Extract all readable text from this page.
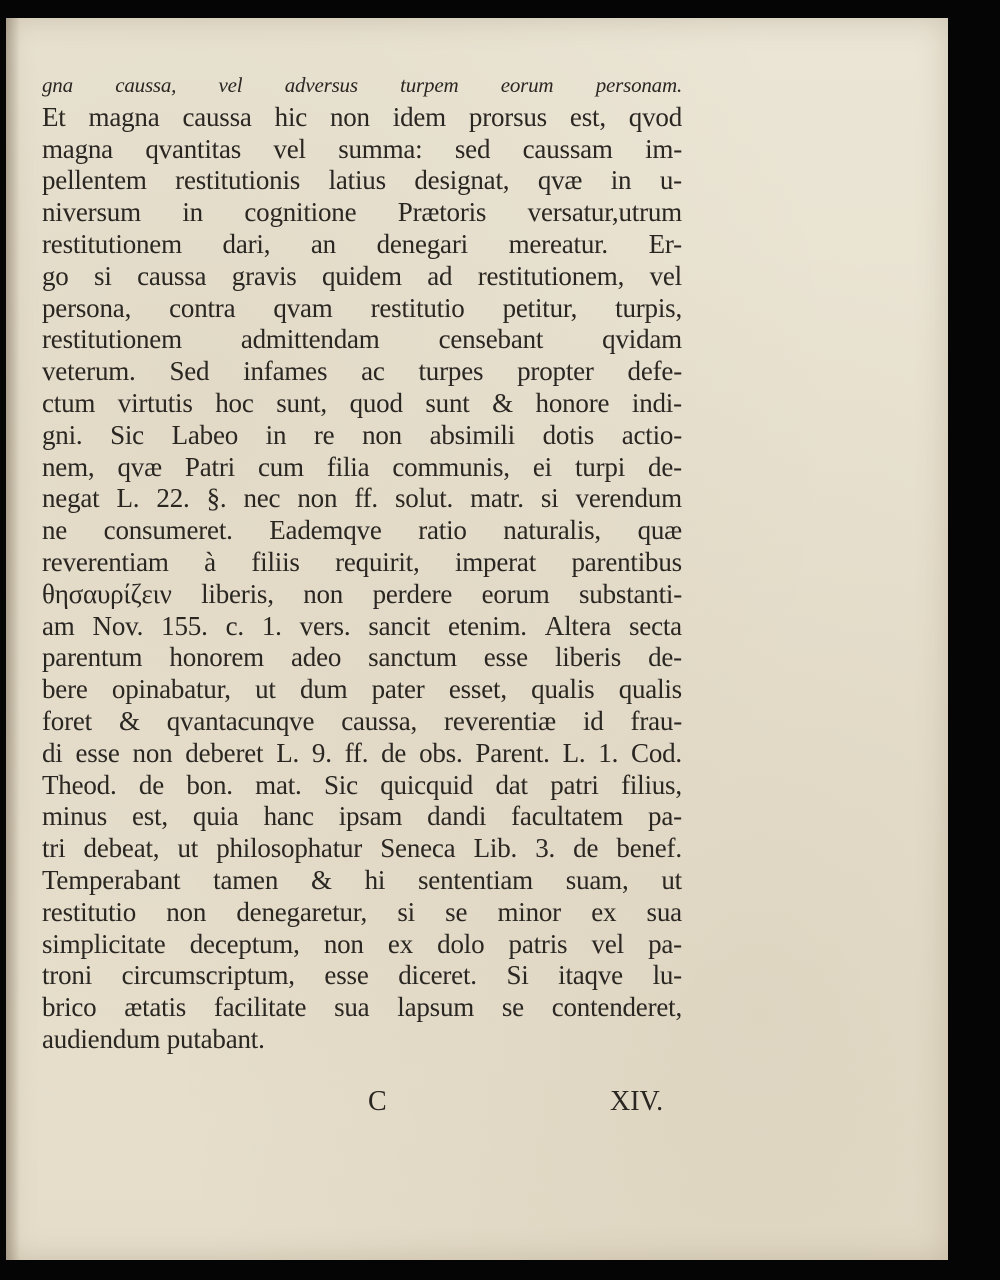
gna caussa, vel adversus turpem eorum personam.
Et magna caussa hic non idem prorsus est, qvod
magna qvantitas vel summa: sed caussam im-
pellentem restitutionis latius designat, qvæ in u-
niversum in cognitione Prætoris versatur,utrum
restitutionem dari, an denegari mereatur. Er-
go si caussa gravis quidem ad restitutionem, vel
persona, contra qvam restitutio petitur, turpis,
restitutionem admittendam censebant qvidam
veterum. Sed infames ac turpes propter defe-
ctum virtutis hoc sunt, quod sunt & honore indi-
gni. Sic Labeo in re non absimili dotis actio-
nem, qvæ Patri cum filia communis, ei turpi de-
negat L. 22. §. nec non ff. solut. matr. si verendum
ne consumeret. Eademqve ratio naturalis, quæ
reverentiam à filiis requirit, imperat parentibus
θησαυρίζειν liberis, non perdere eorum substanti-
am Nov. 155. c. 1. vers. sancit etenim. Altera secta
parentum honorem adeo sanctum esse liberis de-
bere opinabatur, ut dum pater esset, qualis qualis
foret & qvantacunqve caussa, reverentiæ id frau-
di esse non deberet L. 9. ff. de obs. Parent. L. 1. Cod.
Theod. de bon. mat. Sic quicquid dat patri filius,
minus est, quia hanc ipsam dandi facultatem pa-
tri debeat, ut philosophatur Seneca Lib. 3. de benef.
Temperabant tamen & hi sententiam suam, ut
restitutio non denegaretur, si se minor ex sua
simplicitate deceptum, non ex dolo patris vel pa-
troni circumscriptum, esse diceret. Si itaqve lu-
brico ætatis facilitate sua lapsum se contenderet,
audiendum putabant.
C	XIV.
